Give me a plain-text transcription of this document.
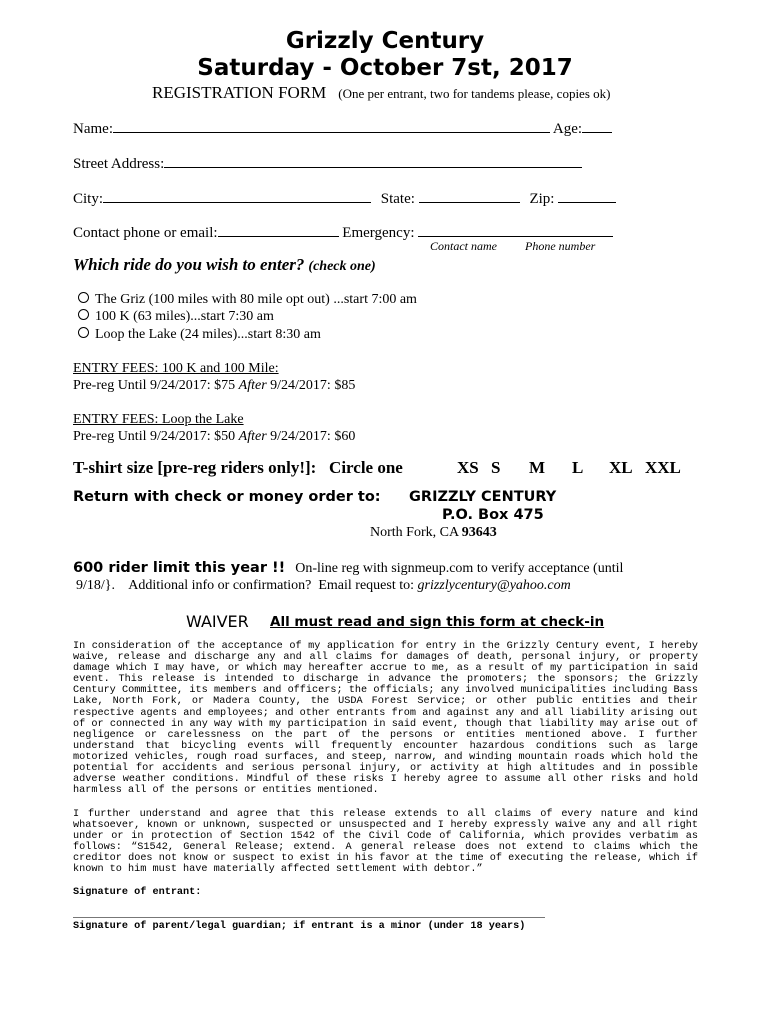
Grizzly Century
Saturday - October 7st, 2017
REGISTRATION FORM (One per entrant, two for tandems please, copies ok)
Name:	Age:
Street Address:
City:	State:	Zip:
Contact phone or email:	Emergency:
Contact name Phone number
Which ride do you wish to enter? (check one)
The Griz (100 miles with 80 mile opt out) ...start 7:00 am
100 K (63 miles)...start 7:30 am
Loop the Lake (24 miles)...start 8:30 am
ENTRY FEES: 100 K and 100 Mile:
Pre-reg Until 9/24/2017: $75 After 9/24/2017: $85
ENTRY FEES: Loop the Lake
Pre-reg Until 9/24/2017: $50 After 9/24/2017: $60
T-shirt size [pre-reg riders only!]:   Circle one	XS S M L XL XXL
Return with check or money order to: GRIZZLY CENTURY
P.O. Box 475
North Fork, CA 93643
600 rider limit this year !! On-line reg with signmeup.com to verify acceptance (until
9/18/}.    Additional info or confirmation?  Email request to: grizzlycentury@yahoo.com
WAIVER All must read and sign this form at check-in
In consideration of the acceptance of my application for entry in the Grizzly Century event, I hereby waive, release and discharge any and all claims for damages of death, personal injury, or property damage which I may have, or which may hereafter accrue to me, as a result of my participation in said event. This release is intended to discharge in advance the promoters; the sponsors; the Grizzly Century Committee, its members and officers; the officials; any involved municipalities including Bass Lake, North Fork, or Madera County, the USDA Forest Service; or other public entities and their respective agents and employees; and other entrants from and against any and all liability arising out of or connected in any way with my participation in said event, though that liability may arise out of negligence or carelessness on the part of the persons or entities mentioned above. I further understand that bicycling events will frequently encounter hazardous conditions such as large motorized vehicles, rough road surfaces, and steep, narrow, and winding mountain roads which hold the potential for accidents and serious personal injury, or activity at high altitudes and in possible adverse weather conditions. Mindful of these risks I hereby agree to assume all other risks and hold harmless all of the persons or entities mentioned.
I further understand and agree that this release extends to all claims of every nature and kind whatsoever, known or unknown, suspected or unsuspected and I hereby expressly waive any and all right under or in protection of Section 1542 of the Civil Code of California, which provides verbatim as follows: “S1542, General Release; extend. A general release does not extend to claims which the creditor does not know or suspect to exist in his favor at the time of executing the release, which if known to him must have materially affected settlement with debtor.”
Signature of entrant:
Signature of parent/legal guardian; if entrant is a minor (under 18 years)
